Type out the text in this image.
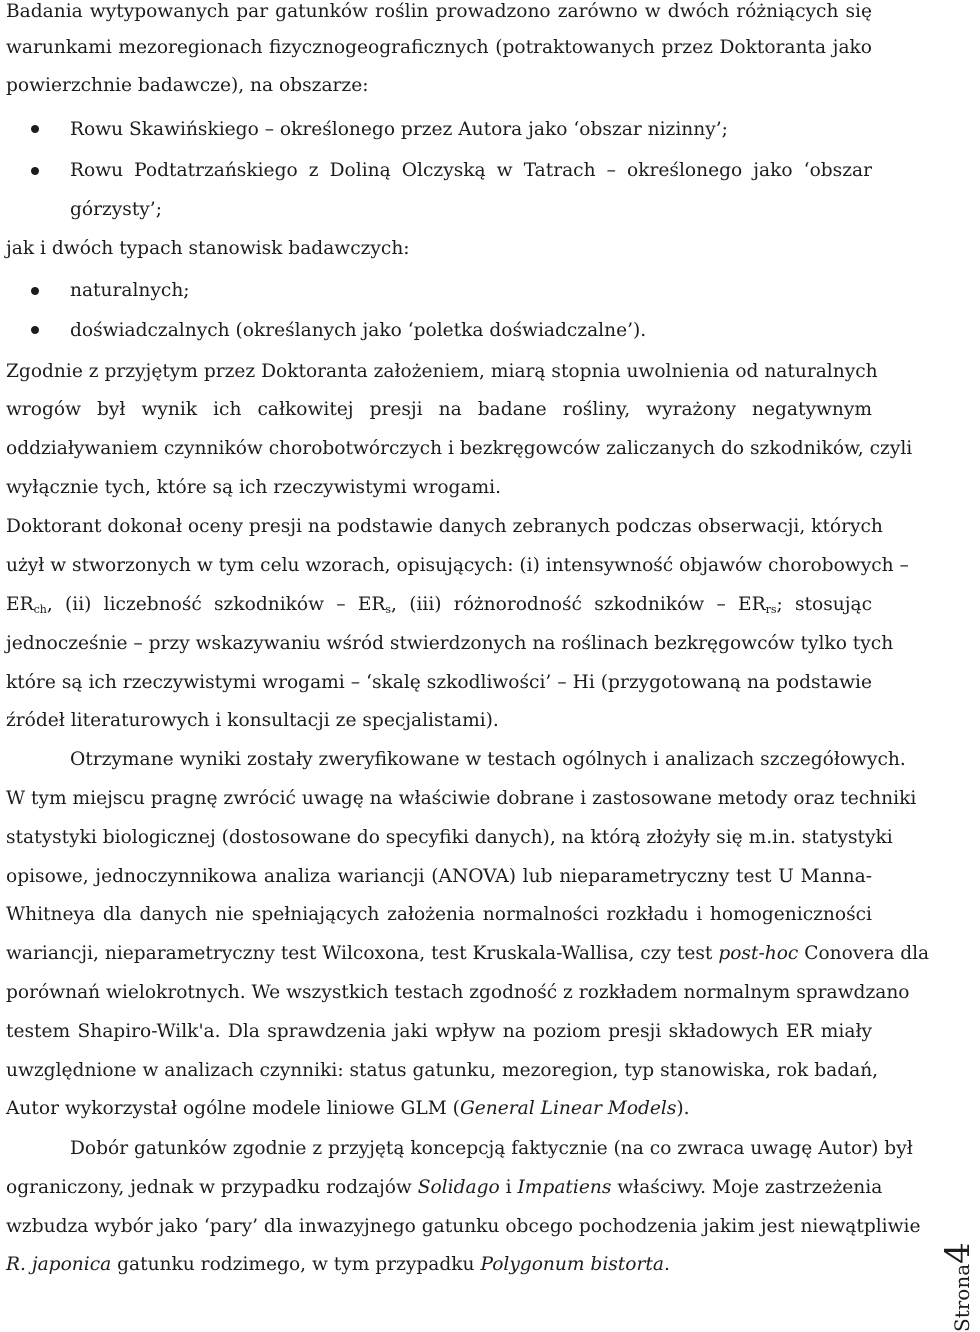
Badania wytypowanych par gatunków roślin prowadzono zarówno w dwóch różniących się
warunkami mezoregionach fizycznogeograficznych (potraktowanych przez Doktoranta jako
powierzchnie badawcze), na obszarze:
Rowu Skawińskiego – określonego przez Autora jako ‘obszar nizinny’;
Rowu Podtatrzańskiego z Doliną Olczyską w Tatrach – określonego jako ‘obszar
górzysty’;
jak i dwóch typach stanowisk badawczych:
naturalnych;
doświadczalnych (określanych jako ‘poletka doświadczalne’).
Zgodnie z przyjętym przez Doktoranta założeniem, miarą stopnia uwolnienia od naturalnych
wrogów był wynik ich całkowitej presji na badane rośliny, wyrażony negatywnym
oddziaływaniem czynników chorobotwórczych i bezkręgowców zaliczanych do szkodników, czyli
wyłącznie tych, które są ich rzeczywistymi wrogami.
Doktorant dokonał oceny presji na podstawie danych zebranych podczas obserwacji, których
użył w stworzonych w tym celu wzorach, opisujących: (i) intensywność objawów chorobowych –
$ER_{ch}$, (ii) liczebność szkodników – $ER_s$, (iii) różnorodność szkodników – $ER_{rs}$; stosując
jednocześnie – przy wskazywaniu wśród stwierdzonych na roślinach bezkręgowców tylko tych
które są ich rzeczywistymi wrogami – ‘skalę szkodliwości’ – Hi (przygotowaną na podstawie
źródeł literaturowych i konsultacji ze specjalistami).
Otrzymane wyniki zostały zweryfikowane w testach ogólnych i analizach szczegółowych.
W tym miejscu pragnę zwrócić uwagę na właściwie dobrane i zastosowane metody oraz techniki
statystyki biologicznej (dostosowane do specyfiki danych), na którą złożyły się m.in. statystyki
opisowe, jednoczynnikowa analiza wariancji (ANOVA) lub nieparametryczny test U Manna-
Whitneya dla danych nie spełniających założenia normalności rozkładu i homogeniczności
wariancji, nieparametryczny test Wilcoxona, test Kruskala-Wallisa, czy test post-hoc Conovera dla
porównań wielokrotnych. We wszystkich testach zgodność z rozkładem normalnym sprawdzano
testem Shapiro-Wilk'a. Dla sprawdzenia jaki wpływ na poziom presji składowych ER miały
uwzględnione w analizach czynniki: status gatunku, mezoregion, typ stanowiska, rok badań,
Autor wykorzystał ogólne modele liniowe GLM (General Linear Models).
Dobór gatunków zgodnie z przyjętą koncepcją faktycznie (na co zwraca uwagę Autor) był
ograniczony, jednak w przypadku rodzajów Solidago i Impatiens właściwy. Moje zastrzeżenia
wzbudza wybór jako ‘pary’ dla inwazyjnego gatunku obcego pochodzenia jakim jest niewątpliwie
R. japonica gatunku rodzimego, w tym przypadku Polygonum bistorta.	Strona4
